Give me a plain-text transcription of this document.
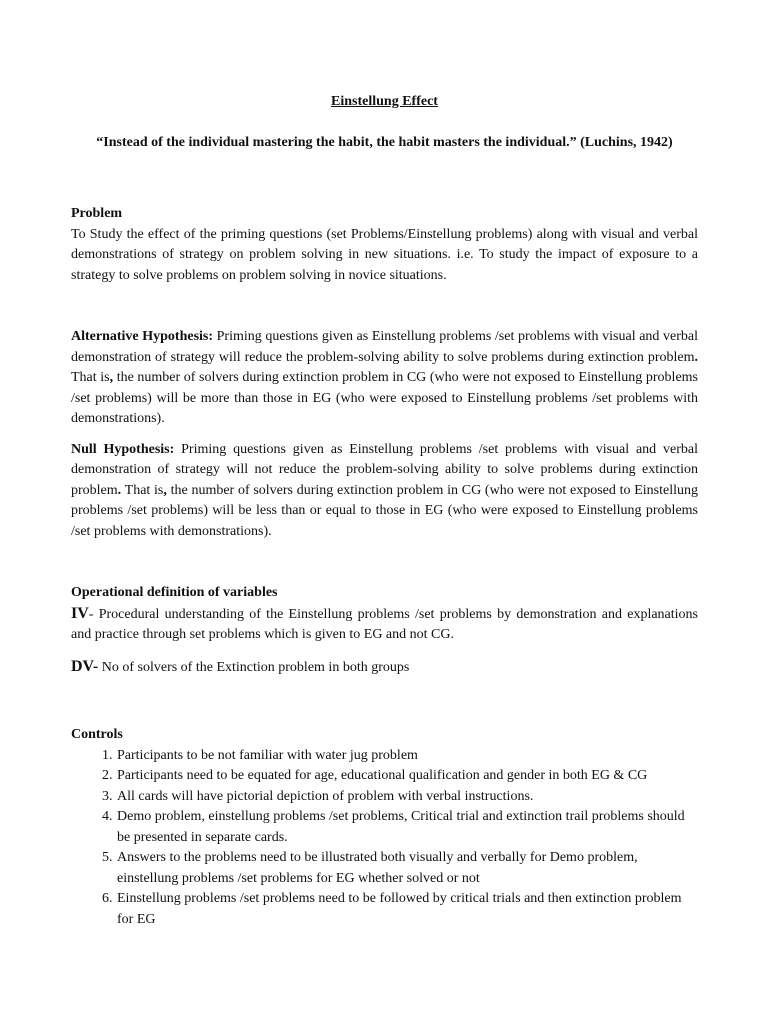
Einstellung Effect

“Instead of the individual mastering the habit, the habit masters the individual.” (Luchins, 1942)

Problem

To Study the effect of the priming questions (set Problems/Einstellung problems) along with visual and verbal demonstrations of strategy on problem solving in new situations. i.e. To study the impact of exposure to a strategy to solve problems on problem solving in novice situations.

Alternative Hypothesis: Priming questions given as Einstellung problems /set problems with visual and verbal demonstration of strategy will reduce the problem-solving ability to solve problems during extinction problem. That is, the number of solvers during extinction problem in CG (who were not exposed to Einstellung problems /set problems) will be more than those in EG (who were exposed to Einstellung problems /set problems with demonstrations).

Null Hypothesis: Priming questions given as Einstellung problems /set problems with visual and verbal demonstration of strategy will not reduce the problem-solving ability to solve problems during extinction problem. That is, the number of solvers during extinction problem in CG (who were not exposed to Einstellung problems /set problems) will be less than or equal to those in EG (who were exposed to Einstellung problems /set problems with demonstrations).

Operational definition of variables

IV- Procedural understanding of the Einstellung problems /set problems by demonstration and explanations and practice through set problems which is given to EG and not CG.

DV- No of solvers of the Extinction problem in both groups

Controls

1. Participants to be not familiar with water jug problem
2. Participants need to be equated for age, educational qualification and gender in both EG & CG
3. All cards will have pictorial depiction of problem with verbal instructions.
4. Demo problem, einstellung problems /set problems, Critical trial and extinction trail problems should be presented in separate cards.
5. Answers to the problems need to be illustrated both visually and verbally for Demo problem, einstellung problems /set problems for EG whether solved or not
6. Einstellung problems /set problems need to be followed by critical trials and then extinction problem for EG
